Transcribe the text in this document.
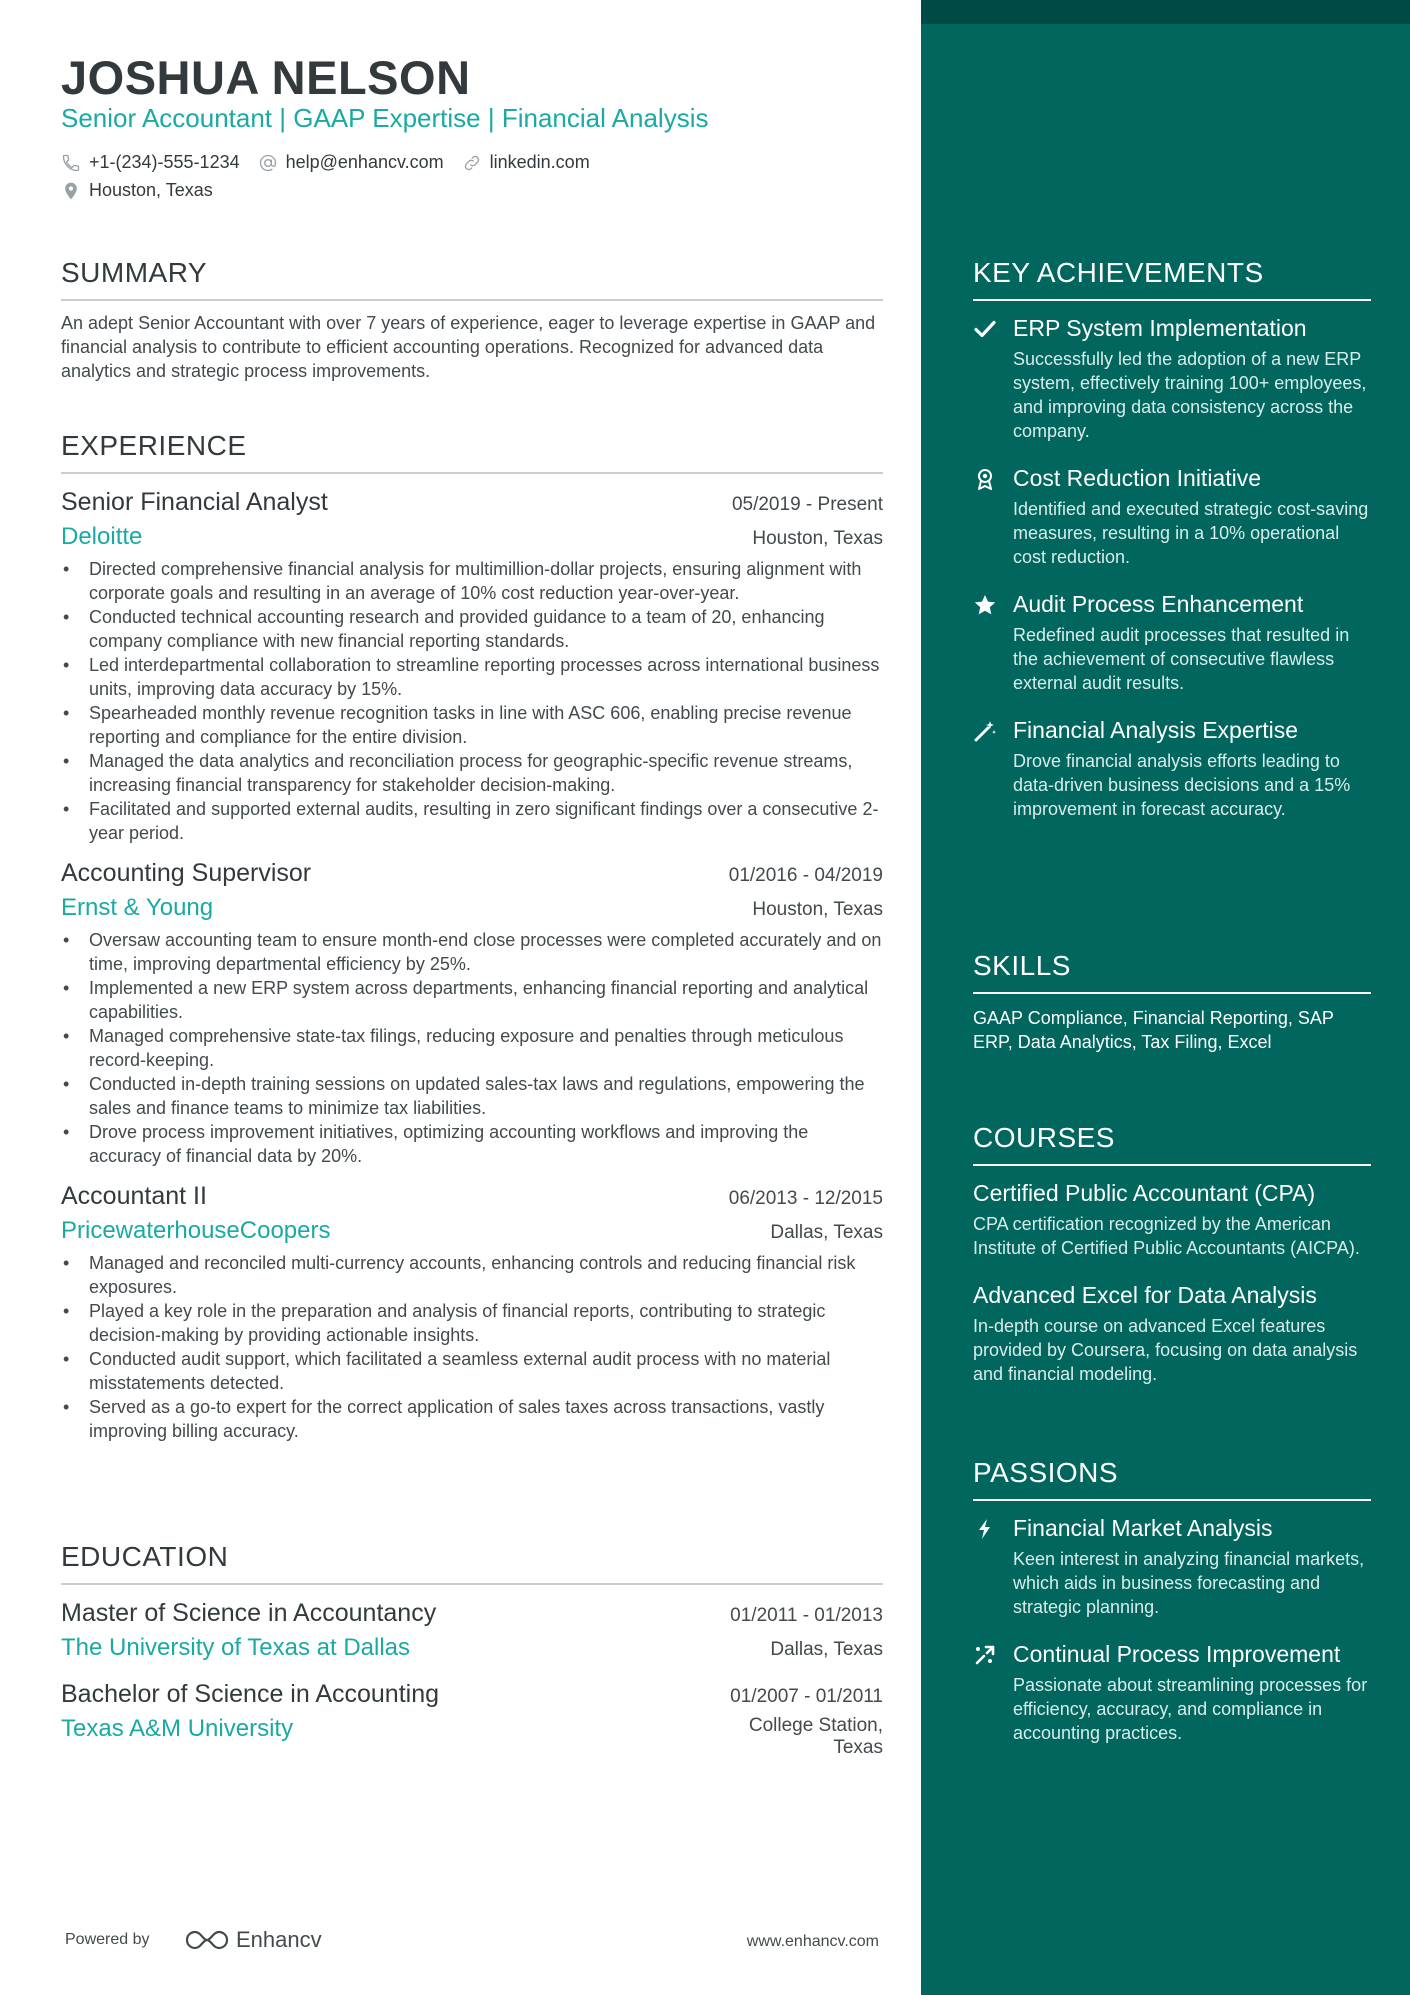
JOSHUA NELSON
Senior Accountant | GAAP Expertise | Financial Analysis
+1-(234)-555-1234	help@enhancv.com	linkedin.com
Houston, Texas
SUMMARY
An adept Senior Accountant with over 7 years of experience, eager to leverage expertise in GAAP and financial analysis to contribute to efficient accounting operations. Recognized for advanced data analytics and strategic process improvements.
EXPERIENCE
Senior Financial Analyst	05/2019 - Present
Deloitte	Houston, Texas
• Directed comprehensive financial analysis for multimillion-dollar projects, ensuring alignment with corporate goals and resulting in an average of 10% cost reduction year-over-year.
• Conducted technical accounting research and provided guidance to a team of 20, enhancing company compliance with new financial reporting standards.
• Led interdepartmental collaboration to streamline reporting processes across international business units, improving data accuracy by 15%.
• Spearheaded monthly revenue recognition tasks in line with ASC 606, enabling precise revenue reporting and compliance for the entire division.
• Managed the data analytics and reconciliation process for geographic-specific revenue streams, increasing financial transparency for stakeholder decision-making.
• Facilitated and supported external audits, resulting in zero significant findings over a consecutive 2-year period.
Accounting Supervisor	01/2016 - 04/2019
Ernst & Young	Houston, Texas
• Oversaw accounting team to ensure month-end close processes were completed accurately and on time, improving departmental efficiency by 25%.
• Implemented a new ERP system across departments, enhancing financial reporting and analytical capabilities.
• Managed comprehensive state-tax filings, reducing exposure and penalties through meticulous record-keeping.
• Conducted in-depth training sessions on updated sales-tax laws and regulations, empowering the sales and finance teams to minimize tax liabilities.
• Drove process improvement initiatives, optimizing accounting workflows and improving the accuracy of financial data by 20%.
Accountant II	06/2013 - 12/2015
PricewaterhouseCoopers	Dallas, Texas
• Managed and reconciled multi-currency accounts, enhancing controls and reducing financial risk exposures.
• Played a key role in the preparation and analysis of financial reports, contributing to strategic decision-making by providing actionable insights.
• Conducted audit support, which facilitated a seamless external audit process with no material misstatements detected.
• Served as a go-to expert for the correct application of sales taxes across transactions, vastly improving billing accuracy.
EDUCATION
Master of Science in Accountancy	01/2011 - 01/2013
The University of Texas at Dallas	Dallas, Texas
Bachelor of Science in Accounting	01/2007 - 01/2011
Texas A&M University	College Station, Texas
Powered by	Enhancv	www.enhancv.com
KEY ACHIEVEMENTS
ERP System Implementation
Successfully led the adoption of a new ERP system, effectively training 100+ employees, and improving data consistency across the company.
Cost Reduction Initiative
Identified and executed strategic cost-saving measures, resulting in a 10% operational cost reduction.
Audit Process Enhancement
Redefined audit processes that resulted in the achievement of consecutive flawless external audit results.
Financial Analysis Expertise
Drove financial analysis efforts leading to data-driven business decisions and a 15% improvement in forecast accuracy.
SKILLS
GAAP Compliance, Financial Reporting, SAP ERP, Data Analytics, Tax Filing, Excel
COURSES
Certified Public Accountant (CPA)
CPA certification recognized by the American Institute of Certified Public Accountants (AICPA).
Advanced Excel for Data Analysis
In-depth course on advanced Excel features provided by Coursera, focusing on data analysis and financial modeling.
PASSIONS
Financial Market Analysis
Keen interest in analyzing financial markets, which aids in business forecasting and strategic planning.
Continual Process Improvement
Passionate about streamlining processes for efficiency, accuracy, and compliance in accounting practices.
